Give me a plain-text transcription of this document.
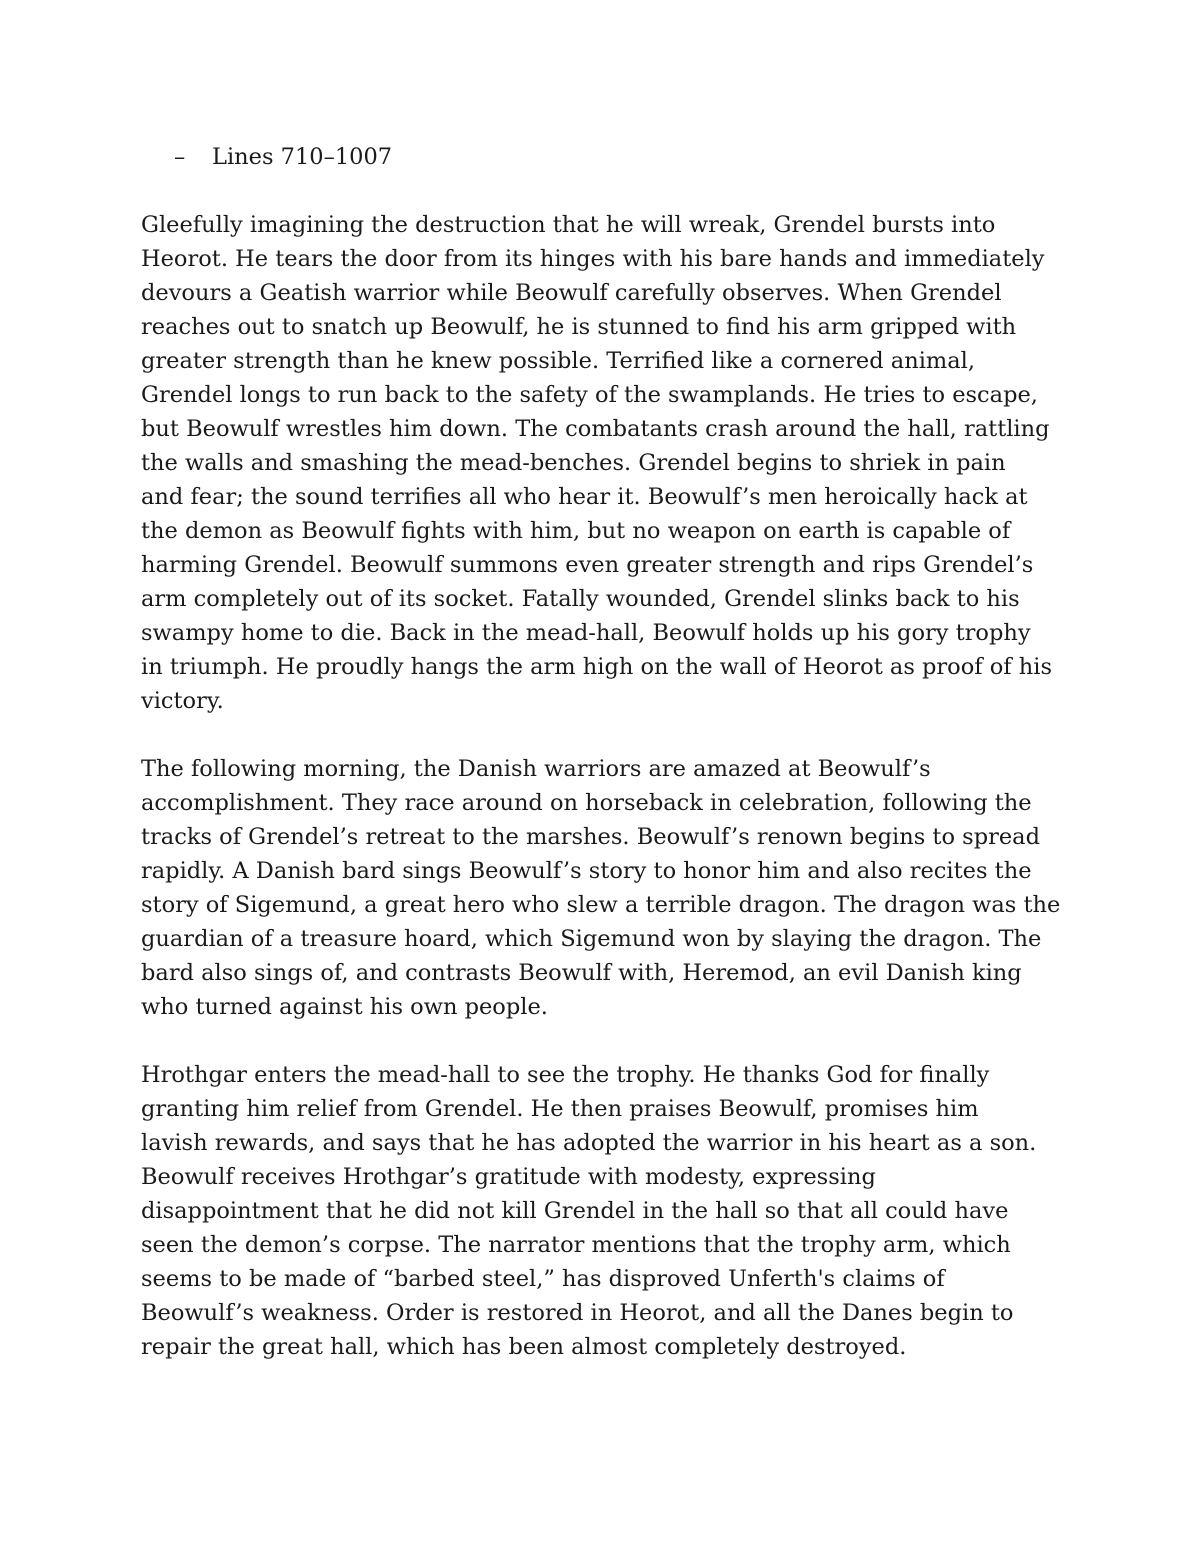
– Lines 710–1007

Gleefully imagining the destruction that he will wreak, Grendel bursts into
Heorot. He tears the door from its hinges with his bare hands and immediately
devours a Geatish warrior while Beowulf carefully observes. When Grendel
reaches out to snatch up Beowulf, he is stunned to find his arm gripped with
greater strength than he knew possible. Terrified like a cornered animal,
Grendel longs to run back to the safety of the swamplands. He tries to escape,
but Beowulf wrestles him down. The combatants crash around the hall, rattling
the walls and smashing the mead-benches. Grendel begins to shriek in pain
and fear; the sound terrifies all who hear it. Beowulf’s men heroically hack at
the demon as Beowulf fights with him, but no weapon on earth is capable of
harming Grendel. Beowulf summons even greater strength and rips Grendel’s
arm completely out of its socket. Fatally wounded, Grendel slinks back to his
swampy home to die. Back in the mead-hall, Beowulf holds up his gory trophy
in triumph. He proudly hangs the arm high on the wall of Heorot as proof of his
victory.

The following morning, the Danish warriors are amazed at Beowulf’s
accomplishment. They race around on horseback in celebration, following the
tracks of Grendel’s retreat to the marshes. Beowulf’s renown begins to spread
rapidly. A Danish bard sings Beowulf’s story to honor him and also recites the
story of Sigemund, a great hero who slew a terrible dragon. The dragon was the
guardian of a treasure hoard, which Sigemund won by slaying the dragon. The
bard also sings of, and contrasts Beowulf with, Heremod, an evil Danish king
who turned against his own people.

Hrothgar enters the mead-hall to see the trophy. He thanks God for finally
granting him relief from Grendel. He then praises Beowulf, promises him
lavish rewards, and says that he has adopted the warrior in his heart as a son.
Beowulf receives Hrothgar’s gratitude with modesty, expressing
disappointment that he did not kill Grendel in the hall so that all could have
seen the demon’s corpse. The narrator mentions that the trophy arm, which
seems to be made of “barbed steel,” has disproved Unferth's claims of
Beowulf’s weakness. Order is restored in Heorot, and all the Danes begin to
repair the great hall, which has been almost completely destroyed.
